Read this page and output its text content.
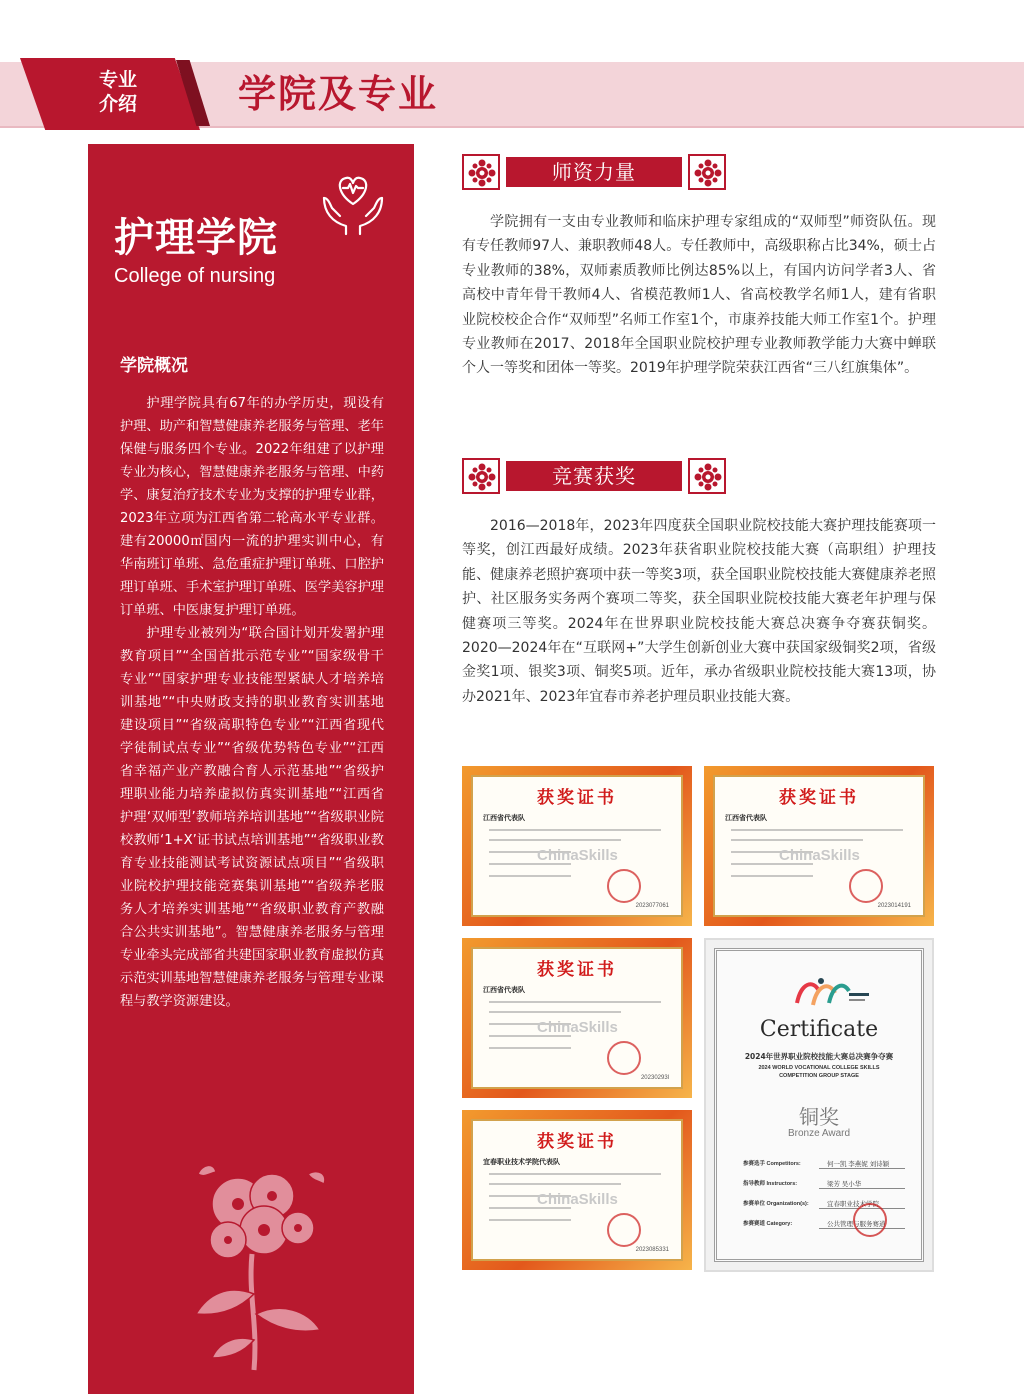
专业
介绍	学院及专业
护理学院
College of nursing
学院概况

护理学院具有67年的办学历史，现设有护理、助产和智慧健康养老服务与管理、老年保健与服务四个专业。2022年组建了以护理专业为核心，智慧健康养老服务与管理、中药学、康复治疗技术专业为支撑的护理专业群，2023年立项为江西省第二轮高水平专业群。建有20000㎡国内一流的护理实训中心，有华南班订单班、急危重症护理订单班、口腔护理订单班、手术室护理订单班、医学美容护理订单班、中医康复护理订单班。

护理专业被列为“联合国计划开发署护理教育项目”“全国首批示范专业”“国家级骨干专业”“国家护理专业技能型紧缺人才培养培训基地”“中央财政支持的职业教育实训基地建设项目”“省级高职特色专业”“江西省现代学徒制试点专业”“省级优势特色专业”“江西省幸福产业产教融合育人示范基地”“省级护理职业能力培养虚拟仿真实训基地”“江西省护理‘双师型’教师培养培训基地”“省级职业院校教师‘1+X’证书试点培训基地”“省级职业教育专业技能测试考试资源试点项目”“省级职业院校护理技能竞赛集训基地”“省级养老服务人才培养实训基地”“省级职业教育产教融合公共实训基地”。智慧健康养老服务与管理专业牵头完成部省共建国家职业教育虚拟仿真示范实训基地智慧健康养老服务与管理专业课程与教学资源建设。

师资力量

学院拥有一支由专业教师和临床护理专家组成的“双师型”师资队伍。现有专任教师97人、兼职教师48人。专任教师中，高级职称占比34%，硕士占专业教师的38%，双师素质教师比例达85%以上，有国内访问学者3人、省高校中青年骨干教师4人、省模范教师1人、省高校教学名师1人，建有省职业院校校企合作“双师型”名师工作室1个，市康养技能大师工作室1个。护理专业教师在2017、2018年全国职业院校护理专业教师教学能力大赛中蝉联个人一等奖和团体一等奖。2019年护理学院荣获江西省“三八红旗集体”。

竞赛获奖

2016—2018年，2023年四度获全国职业院校技能大赛护理技能赛项一等奖，创江西最好成绩。2023年获省职业院校技能大赛（高职组）护理技能、健康养老照护赛项中获一等奖3项，获全国职业院校技能大赛健康养老照护、社区服务实务两个赛项二等奖，获全国职业院校技能大赛老年护理与保健赛项三等奖。2024年在世界职业院校技能大赛总决赛争夺赛获铜奖。2020—2024年在“互联网+”大学生创新创业大赛中获国家级铜奖2项，省级金奖1项、银奖3项、铜奖5项。近年，承办省级职业院校技能大赛13项，协办2021年、2023年宜春市养老护理员职业技能大赛。

获奖证书
江西省代表队
ChinaSkills
2023077061
获奖证书
江西省代表队
ChinaSkills
2023014191
获奖证书
江西省代表队
ChinaSkills
20230293l
获奖证书
宜春职业技术学院代表队
ChinaSkills
2023085331
Certificate
2024年世界职业院校技能大赛总决赛争夺赛
2024 WORLD VOCATIONAL COLLEGE SKILLS
COMPETITION GROUP STAGE
铜奖
Bronze Award
参赛选手 Competitors:	何一凯 李燕妮 刘诗颖
指导教师 Instructors:	梁芳 吴小华
参赛单位 Organization(s):	宜春职业技术学院
参赛赛道 Category:	公共管理与服务赛道
